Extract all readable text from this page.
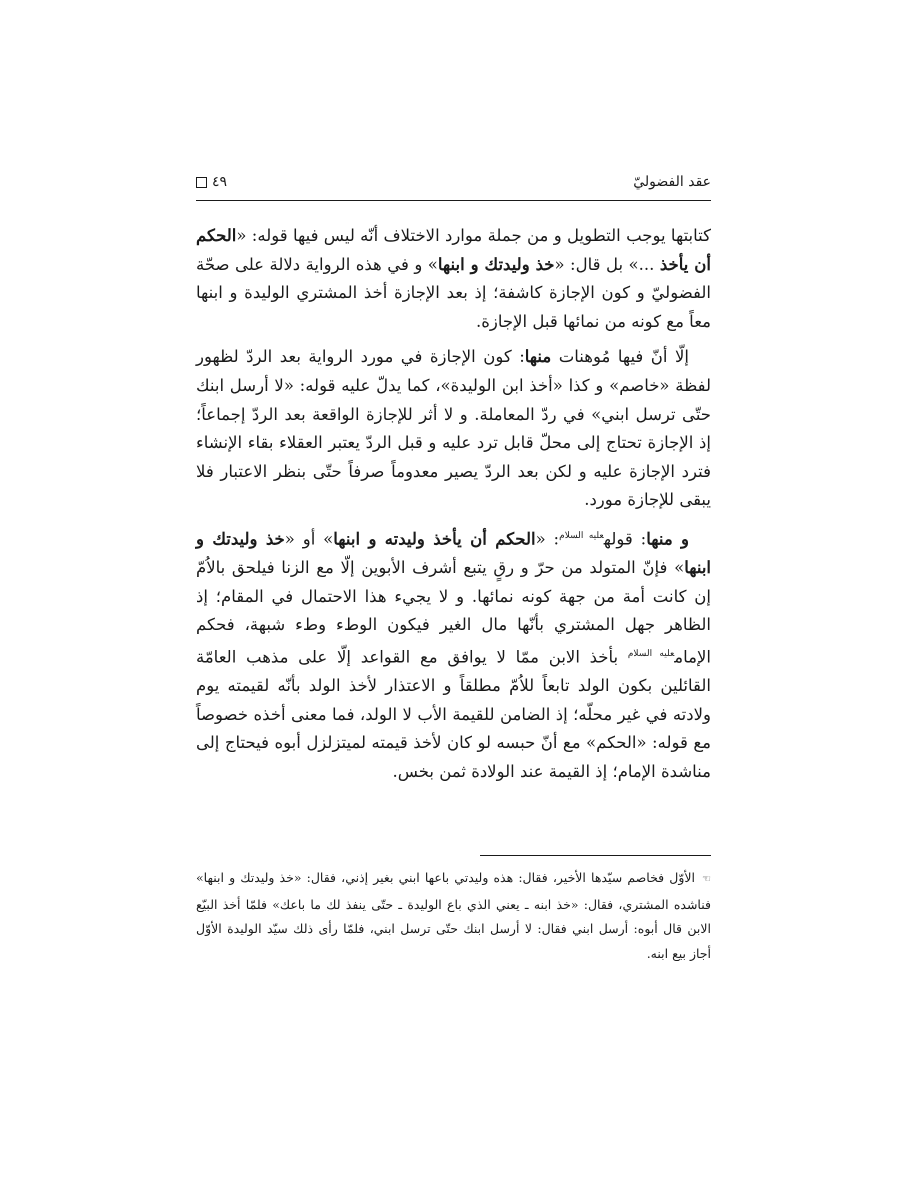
عقد الفضوليّ
٤٩

كتابتها يوجب التطويل و من جملة موارد الاختلاف أنّه ليس فيها قوله: «الحكم أن يأخذ ...» بل قال: «خذ وليدتك و ابنها» و في هذه الرواية دلالة على صحّة الفضوليّ و كون الإجازة كاشفة؛ إذ بعد الإجازة أخذ المشتري الوليدة و ابنها معاً مع كونه من نمائها قبل الإجازة.

إلّا أنّ فيها مُوهنات منها: كون الإجازة في مورد الرواية بعد الردّ لظهور لفظة «خاصم» و كذا «أخذ ابن الوليدة»، كما يدلّ عليه قوله: «لا أرسل ابنك حتّى ترسل ابني» في ردّ المعاملة. و لا أثر للإجازة الواقعة بعد الردّ إجماعاً؛ إذ الإجازة تحتاج إلى محلّ قابل ترد عليه و قبل الردّ يعتبر العقلاء بقاء الإنشاء فترد الإجازة عليه و لكن بعد الردّ يصير معدوماً صرفاً حتّى بنظر الاعتبار فلا يبقى للإجازة مورد.

و منها: قوله$^{عليه السلام}$: «الحكم أن يأخذ وليدته و ابنها» أو «خذ وليدتك و ابنها» فإنّ المتولد من حرّ و رقٍ يتبع أشرف الأبوين إلّا مع الزنا فيلحق بالاُمّ إن كانت أمة من جهة كونه نمائها. و لا يجيء هذا الاحتمال في المقام؛ إذ الظاهر جهل المشتري بأنّها مال الغير فيكون الوطء وطء شبهة، فحكم الإمام$^{عليه السلام}$ بأخذ الابن ممّا لا يوافق مع القواعد إلّا على مذهب العامّة القائلين بكون الولد تابعاً للاُمّ مطلقاً و الاعتذار لأخذ الولد بأنّه لقيمته يوم ولادته في غير محلّه؛ إذ الضامن للقيمة الأب لا الولد، فما معنى أخذه خصوصاً مع قوله: «الحكم» مع أنّ حبسه لو كان لأخذ قيمته لميتزلزل أبوه فيحتاج إلى مناشدة الإمام؛ إذ القيمة عند الولادة ثمن بخس.

☜الأوّل فخاصم سيّدها الأخير، فقال: هذه وليدتي باعها ابني بغير إذني، فقال: «خذ وليدتك و ابنها» فناشده المشتري، فقال: «خذ ابنه ـ يعني الذي باع الوليدة ـ حتّى ينفذ لك ما باعك» فلمّا أخذ البيّع الابن قال أبوه: أرسل ابني فقال: لا أرسل ابنك حتّى ترسل ابني، فلمّا رأى ذلك سيّد الوليدة الأوّل أجاز بيع ابنه.
